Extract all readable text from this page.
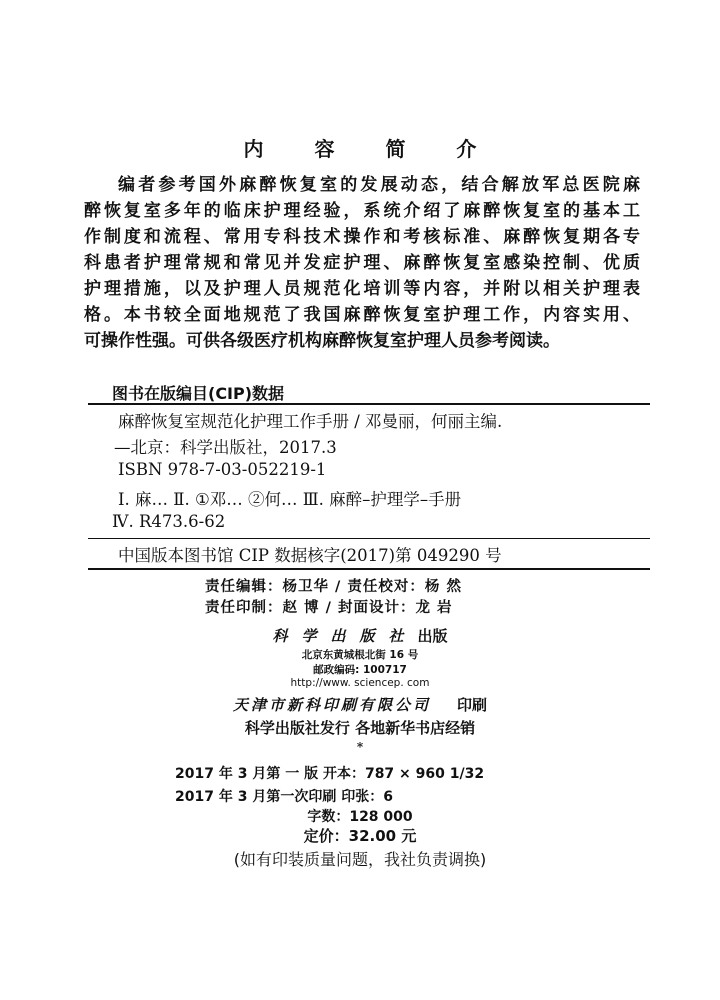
内 容 简 介
编者参考国外麻醉恢复室的发展动态，结合解放军总医院麻
醉恢复室多年的临床护理经验，系统介绍了麻醉恢复室的基本工
作制度和流程、常用专科技术操作和考核标准、麻醉恢复期各专
科患者护理常规和常见并发症护理、麻醉恢复室感染控制、优质
护理措施，以及护理人员规范化培训等内容，并附以相关护理表
格。本书较全面地规范了我国麻醉恢复室护理工作，内容实用、
可操作性强。可供各级医疗机构麻醉恢复室护理人员参考阅读。
图书在版编目(CIP)数据
麻醉恢复室规范化护理工作手册 / 邓曼丽，何丽主编.
—北京：科学出版社，2017.3
ISBN 978-7-03-052219-1
Ⅰ. 麻… Ⅱ. ①邓… ②何… Ⅲ. 麻醉–护理学–手册
Ⅳ. R473.6-62
中国版本图书馆 CIP 数据核字(2017)第 049290 号
责任编辑：杨卫华 / 责任校对：杨 然
责任印制：赵 博 / 封面设计：龙 岩
科学出版社出版
北京东黄城根北街 16 号
邮政编码: 100717
http://www. sciencep. com
天津市新科印刷有限公司 印刷
科学出版社发行 各地新华书店经销
*
2017 年 3 月第 一 版 开本：787 × 960 1/32
2017 年 3 月第一次印刷 印张：6
字数：128 000
定价：32.00 元
(如有印装质量问题，我社负责调换)
